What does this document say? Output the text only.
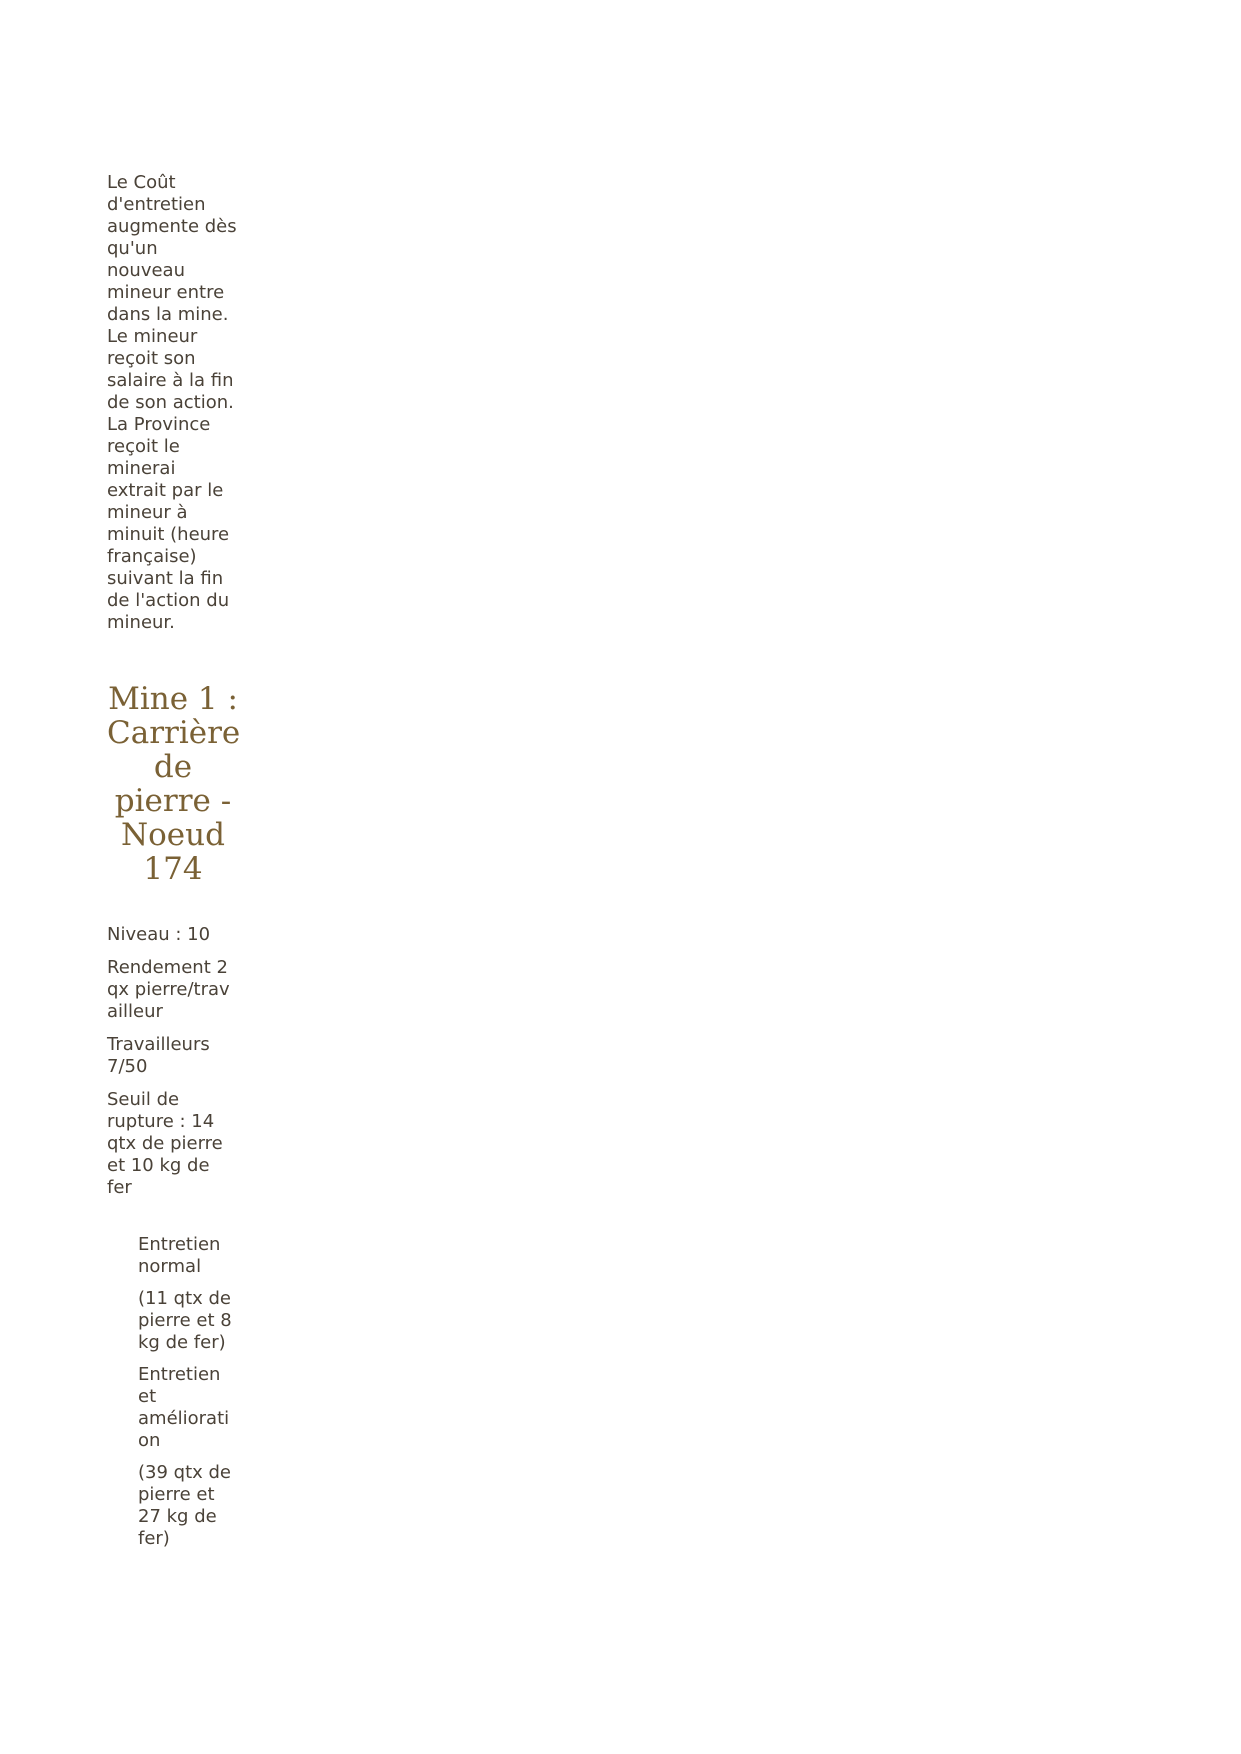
Le Coût d'entretien augmente dès qu'un nouveau mineur entre dans la mine. Le mineur reçoit son salaire à la fin de son action. La Province reçoit le minerai extrait par le mineur à minuit (heure française) suivant la fin de l'action du mineur.

Mine 1 : Carrière de pierre - Noeud 174

Niveau : 10

Rendement 2 qx pierre/travailleur

Travailleurs 7/50

Seuil de rupture : 14 qtx de pierre et 10 kg de fer

Entretien normal

(11 qtx de pierre et 8 kg de fer)

Entretien et amélioration

(39 qtx de pierre et 27 kg de fer)
